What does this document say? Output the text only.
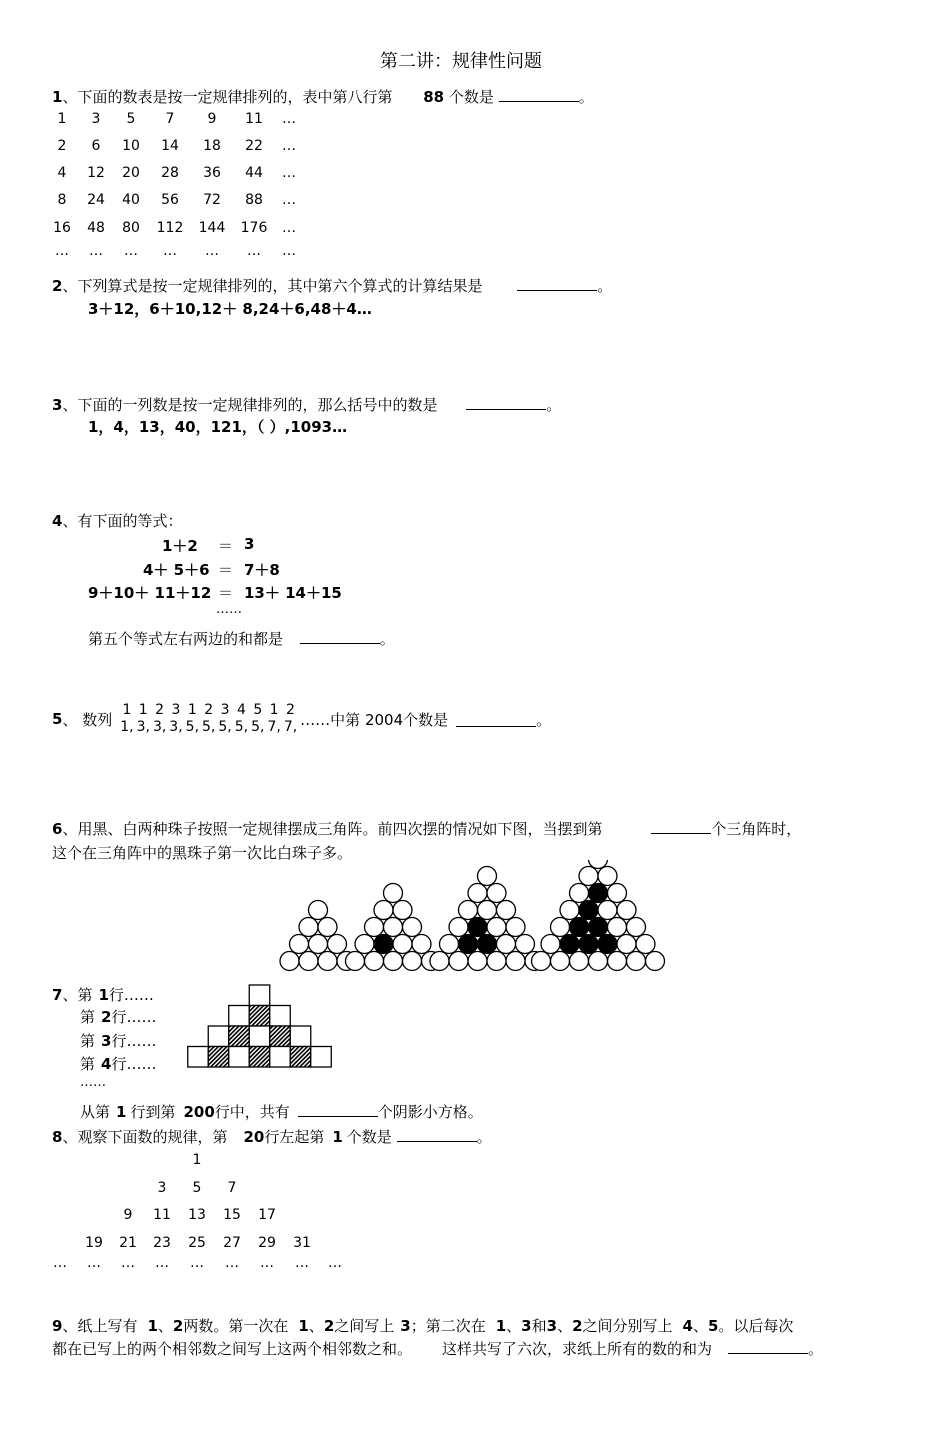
第二讲：规律性问题
1、下面的数表是按一定规律排列的，表中第八行第 88 个数是	。
1	3	5	7	9	11	…
2	6	10	14	18	22	…
4	12	20	28	36	44	…
8	24	40	56	72	88	…
16	48	80	112	144	176	…
…	…	…	…	…	…	…
2、下列算式是按一定规律排列的，其中第六个算式的计算结果是	。
3＋12，6＋10,12＋ 8,24＋6,48＋4…
3、下面的一列数是按一定规律排列的，那么括号中的数是	。
1，4，13，40，121，（ ）,1093…
4、有下面的等式：
1＋2 ＝ 3
4＋ 5＋6 ＝ 7＋8
9＋10＋ 11＋12 ＝ 13＋ 14＋15
……
第五个等式左右两边的和都是	。
5 、 数列
1
1,
1
3,
2
3,
3
3,
1
5,
2
5,
3
5,
4
5,
5
5,
1
7,
2
7, ……中第 2004个数是	。
6、用黑、白两种珠子按照一定规律摆成三角阵。前四次摆的情况如下图，当摆到第	个三角阵时，
这个在三角阵中的黑珠子第一次比白珠子多。
7、第 1行……
第 2行……
第 3行……
第 4行……
……
从第 1 行到第 200行中，共有	个阴影小方格。
8、观察下面数的规律，第 20行左起第 1 个数是	。
1
3	5	7
9	11	13	15	17
19	21	23	25	27	29	31
…	…	…	…	…	…	…	…	…
9、纸上写有 1、2两数。第一次在 1、2之间写上 3；第二次在 1、3和3、2之间分别写上 4、5。以后每次
都在已写上的两个相邻数之间写上这两个相邻数之和。 这样共写了六次，求纸上所有的数的和为	。
